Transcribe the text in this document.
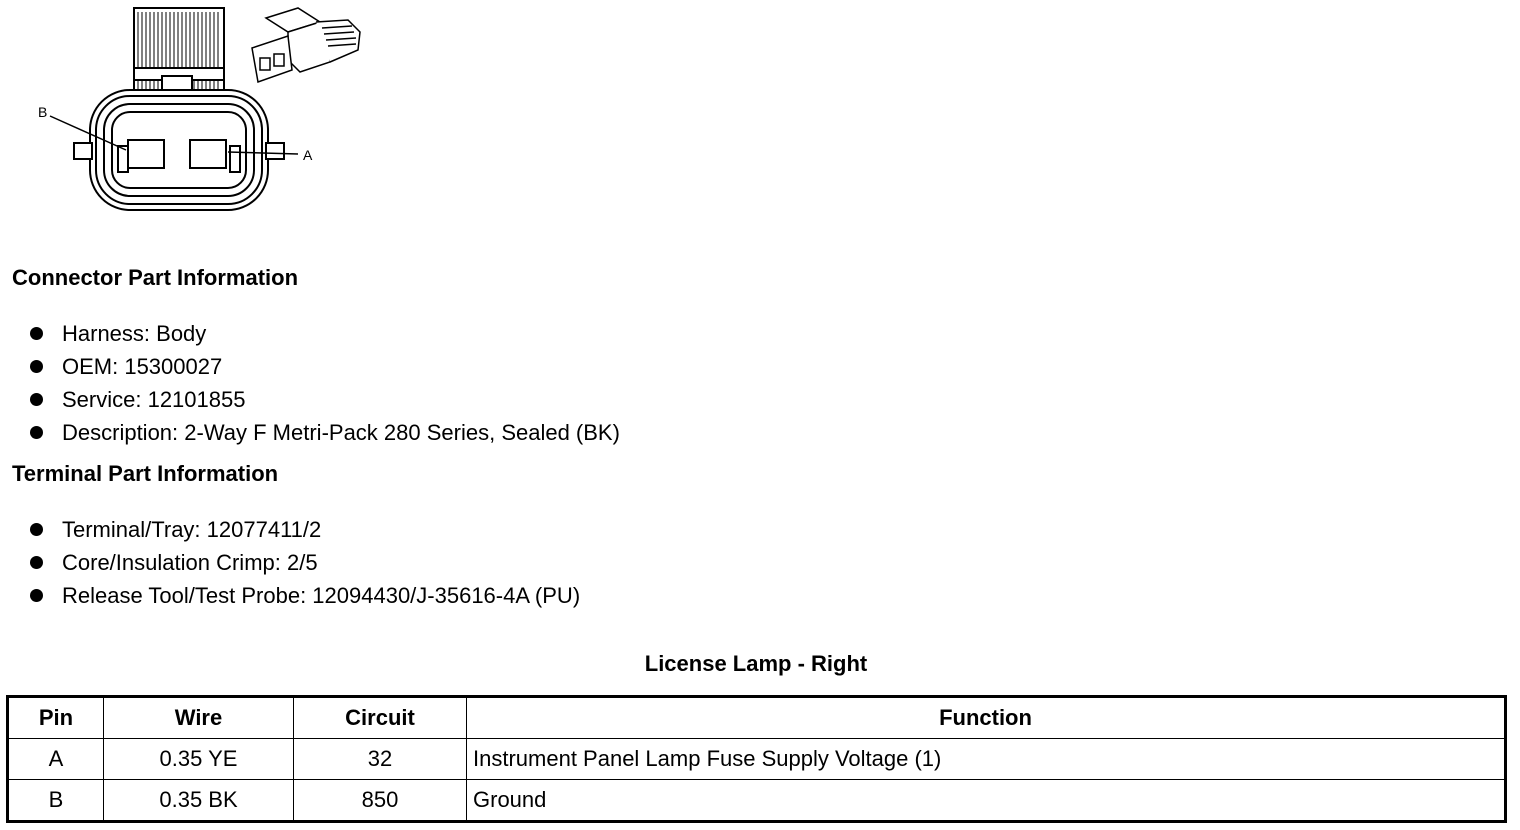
B
A
Connector Part Information
Harness: Body
OEM: 15300027
Service: 12101855
Description: 2-Way F Metri-Pack 280 Series, Sealed (BK)
Terminal Part Information
Terminal/Tray: 12077411/2
Core/Insulation Crimp: 2/5
Release Tool/Test Probe: 12094430/J-35616-4A (PU)
License Lamp - Right
Pin	Wire	Circuit	Function
A	0.35 YE	32	Instrument Panel Lamp Fuse Supply Voltage (1)
B	0.35 BK	850	Ground
